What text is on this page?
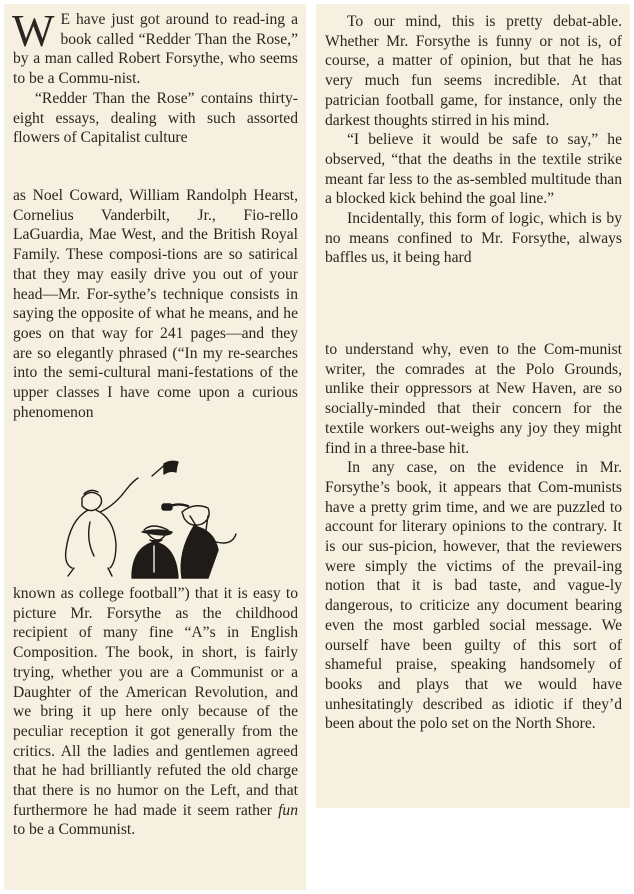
W E have just got around to read-ing a book called “Redder Than the Rose,” by a man called Robert Forsythe, who seems to be a Commu-nist.

“Redder Than the Rose” contains thirty-eight essays, dealing with such assorted flowers of Capitalist culture

as Noel Coward, William Randolph Hearst, Cornelius Vanderbilt, Jr., Fio-rello LaGuardia, Mae West, and the British Royal Family. These composi-tions are so satirical that they may easily drive you out of your head—Mr. For-sythe’s technique consists in saying the opposite of what he means, and he goes on that way for 241 pages—and they are so elegantly phrased (“In my re-searches into the semi-cultural mani-festations of the upper classes I have come upon a curious phenomenon

known as college football”) that it is easy to picture Mr. Forsythe as the childhood recipient of many fine “A”s in English Composition. The book, in short, is fairly trying, whether you are a Communist or a Daughter of the American Revolution, and we bring it up here only because of the peculiar reception it got generally from the critics. All the ladies and gentlemen agreed that he had brilliantly refuted the old charge that there is no humor on the Left, and that furthermore he had made it seem rather fun to be a Communist.

To our mind, this is pretty debat-able. Whether Mr. Forsythe is funny or not is, of course, a matter of opinion, but that he has very much fun seems incredible. At that patrician football game, for instance, only the darkest thoughts stirred in his mind.

“I believe it would be safe to say,” he observed, “that the deaths in the textile strike meant far less to the as-sembled multitude than a blocked kick behind the goal line.”

Incidentally, this form of logic, which is by no means confined to Mr. Forsythe, always baffles us, it being hard

to understand why, even to the Com-munist writer, the comrades at the Polo Grounds, unlike their oppressors at New Haven, are so socially-minded that their concern for the textile workers out-weighs any joy they might find in a three-base hit.

In any case, on the evidence in Mr. Forsythe’s book, it appears that Com-munists have a pretty grim time, and we are puzzled to account for literary opinions to the contrary. It is our sus-picion, however, that the reviewers were simply the victims of the prevail-ing notion that it is bad taste, and vague-ly dangerous, to criticize any document bearing even the most garbled social message. We ourself have been guilty of this sort of shameful praise, speaking handsomely of books and plays that we would have unhesitatingly described as idiotic if they’d been about the polo set on the North Shore.
